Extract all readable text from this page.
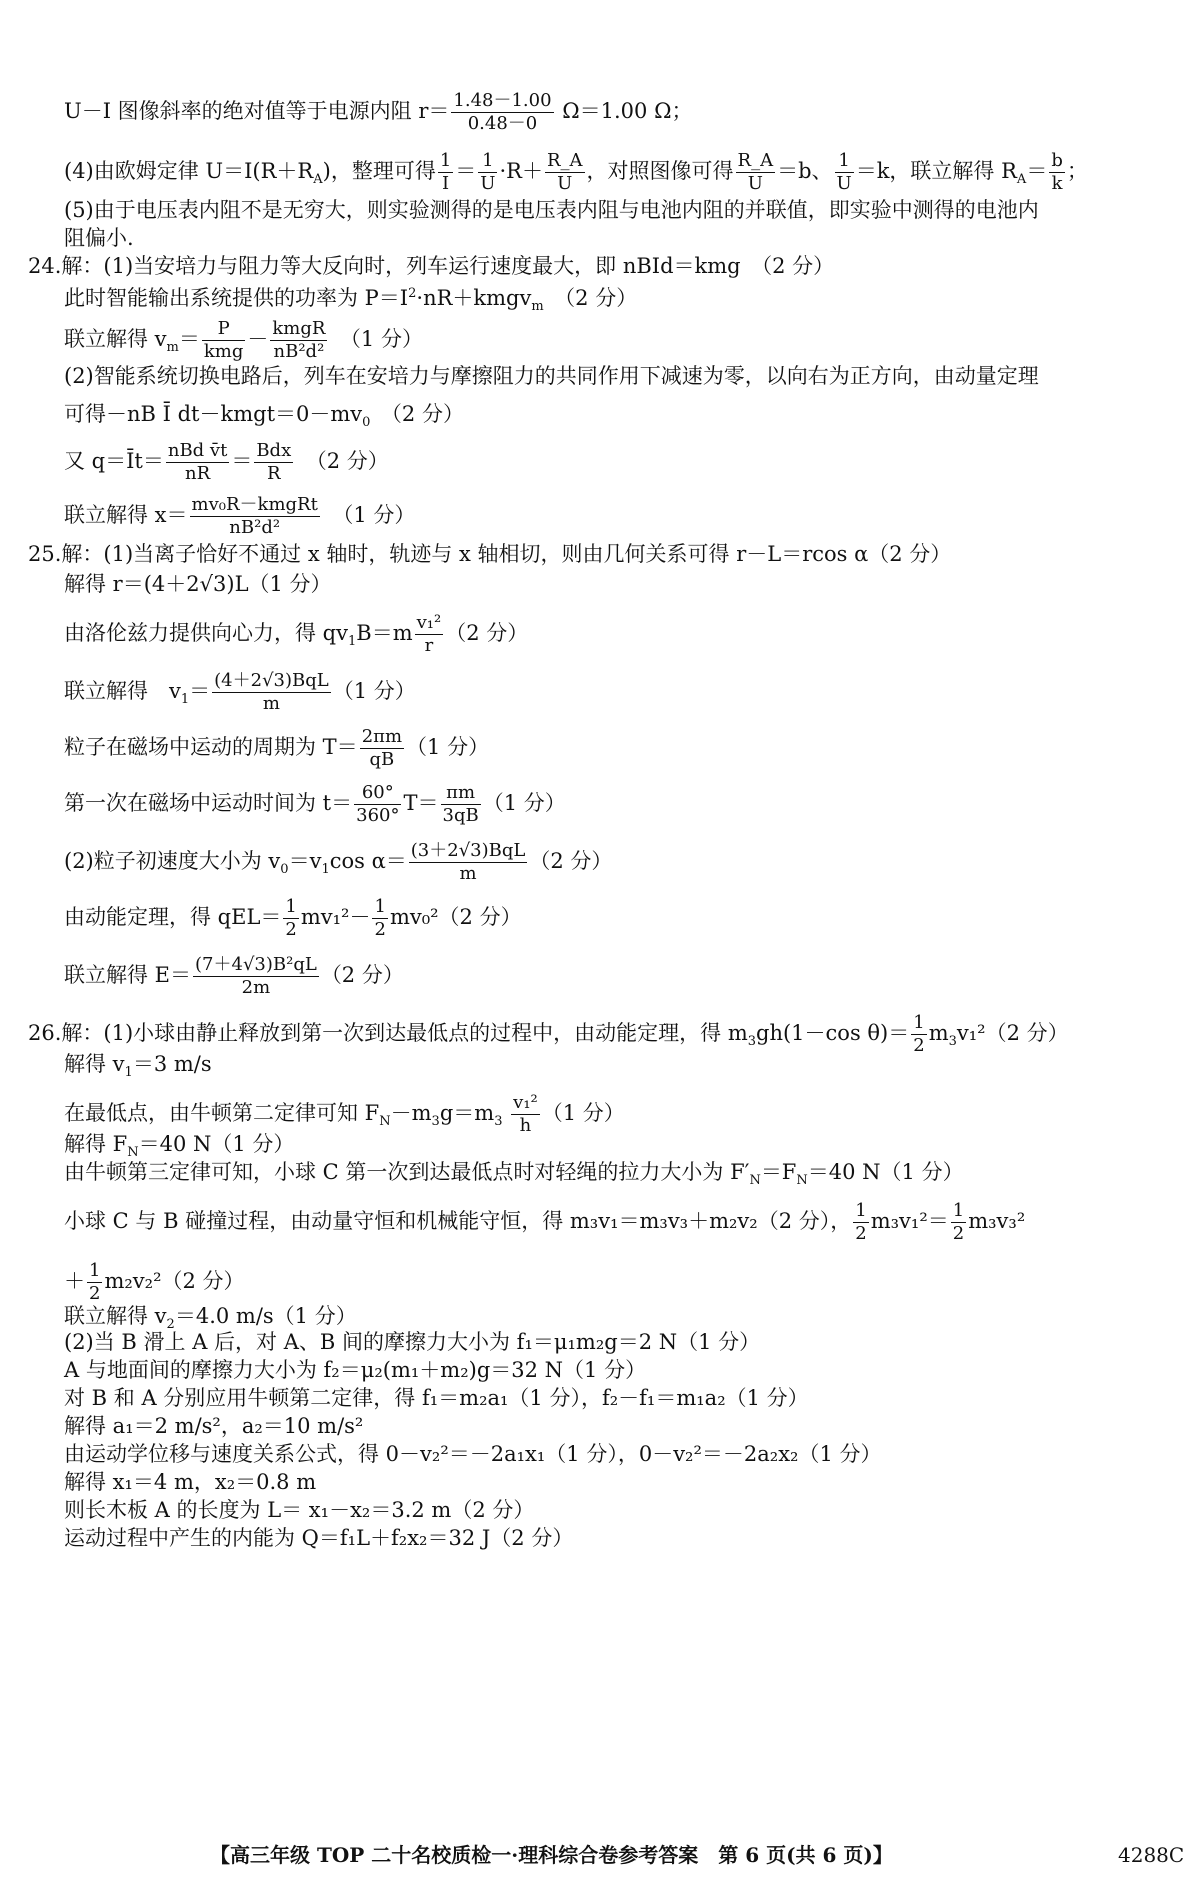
U－I 图像斜率的绝对值等于电源内阻 $r= \frac{1.48-1.00}{0.48-0} \Omega=1.00$ Ω；
(4)由欧姆定律 $U=I(R+R_A)$，整理可得 $\frac{1}{I} = \frac{1}{U} \cdot R+ \frac{R\_A}{U}$ ，对照图像可得 $\frac{R\_A}{U} =b$、 $\frac{1}{U} =k$，联立解得 $R_A= \frac{b}{k}$ ；
(5)由于电压表内阻不是无穷大，则实验测得的是电压表内阻与电池内阻的并联值，即实验中测得的电池内
阻偏小.
24.解：(1)当安培力与阻力等大反向时，列车运行速度最大，即 nBId＝kmg　（2 分）
此时智能输出系统提供的功率为 $P=I^2\cdot nR+kmgv_m$　（2 分）
联立解得 $v_m= \frac{P}{\text{kmg}} - \frac{\text{kmgR}}{\text{nB²d²}}$ 　（1 分）
(2)智能系统切换电路后，列车在安培力与摩擦阻力的共同作用下减速为零，以向右为正方向，由动量定理
可得－nB Ī $dt-kmgt=0-mv_0$　（2 分）
又 q＝Īt＝ $\frac{\text{nBd v̄t}}{nR} = \frac{\text{Bdx}}{R}$ 　（2 分）
联立解得 $x= \frac{\text{mv₀R－kmgRt}}{\text{nB²d²}}$ 　（1 分）
25.解：(1)当离子恰好不通过 x 轴时，轨迹与 x 轴相切，则由几何关系可得 r－L＝rcos α（2 分）
解得 r＝(4＋2√3)L（1 分）
由洛伦兹力提供向心力，得 $qv_1B=m \frac{\text{v₁²}}{r} (2$ 分）
联立解得　$v_1= \frac{\text{(4＋2√3)BqL}}{m} (1$ 分）
粒子在磁场中运动的周期为 $T= \frac{2\pi m}{qB} (1$ 分）
第一次在磁场中运动时间为 $t= \frac{60^\circ}{360^\circ} T= \frac{\pi m}{3qB} (1$ 分）
(2)粒子初速度大小为 $v_0=v_1\cos$ $\alpha= \frac{\text{(3＋2√3)BqL}}{m} (2$ 分）
由动能定理，得 $qEL= \frac{1}{2} mv_1^2- \frac{1}{2} mv_0^2(2$ 分）
联立解得 $E= \frac{\text{(7＋4√3)B²qL}}{2m} (2$ 分）
26.解：(1)小球由静止释放到第一次到达最低点的过程中，由动能定理，得 $m_3gh(1-\cos$ $\theta)= \frac{1}{2} m_3v_1^2(2$ 分）
解得 $v_1=3$ m/s
在最低点，由牛顿第二定律可知 $F_N-m_3g=m_3 \frac{\text{v₁²}}{h} (1$ 分）
解得 $F_N=40$ N（1 分）
由牛顿第三定律可知，小球 C 第一次到达最低点时对轻绳的拉力大小为 $F'_N=F_N=40$ N（1 分）
小球 C 与 B 碰撞过程，由动量守恒和机械能守恒，得 m₃v₁＝m₃v₃＋m₂v₂（2 分）， $\frac{1}{2} m_3v_1^2= \frac{1}{2} m_3v_3^2$
＋ $\frac{1}{2} m_2v_2^2(2$ 分）
联立解得 $v_2=4.0$ m/s（1 分）
(2)当 B 滑上 A 后，对 A、B 间的摩擦力大小为 f₁＝μ₁m₂g＝2 N（1 分）
A 与地面间的摩擦力大小为 f₂＝μ₂(m₁＋m₂)g＝32 N（1 分）
对 B 和 A 分别应用牛顿第二定律，得 f₁＝m₂a₁（1 分），f₂－f₁＝m₁a₂（1 分）
解得 a₁＝2 m/s²，a₂＝10 m/s²
由运动学位移与速度关系公式，得 0－v₂²＝－2a₁x₁（1 分），0－v₂²＝－2a₂x₂（1 分）
解得 x₁＝4 m，x₂＝0.8 m
则长木板 A 的长度为 L＝ x₁－x₂＝3.2 m（2 分）
运动过程中产生的内能为 Q＝f₁L＋f₂x₂＝32 J（2 分）
【高三年级 TOP 二十名校质检一·理科综合卷参考答案　第 6 页(共 6 页)】	4288C
